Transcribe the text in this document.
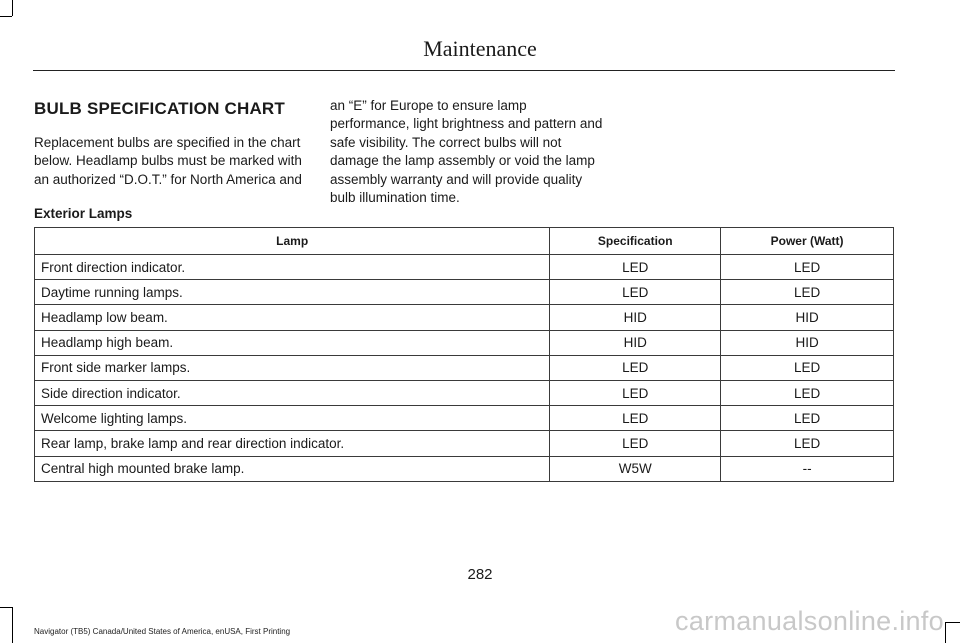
Maintenance
BULB SPECIFICATION CHART
Replacement bulbs are specified in the chart below. Headlamp bulbs must be marked with an authorized “D.O.T.” for North America and
an “E” for Europe to ensure lamp performance, light brightness and pattern and safe visibility. The correct bulbs will not damage the lamp assembly or void the lamp assembly warranty and will provide quality bulb illumination time.
Exterior Lamps
Lamp	Specification	Power (Watt)
Front direction indicator.	LED	LED
Daytime running lamps.	LED	LED
Headlamp low beam.	HID	HID
Headlamp high beam.	HID	HID
Front side marker lamps.	LED	LED
Side direction indicator.	LED	LED
Welcome lighting lamps.	LED	LED
Rear lamp, brake lamp and rear direction indicator.	LED	LED
Central high mounted brake lamp.	W5W	--
282
Navigator (TB5) Canada/United States of America, enUSA, First Printing	carmanualsonline.info
